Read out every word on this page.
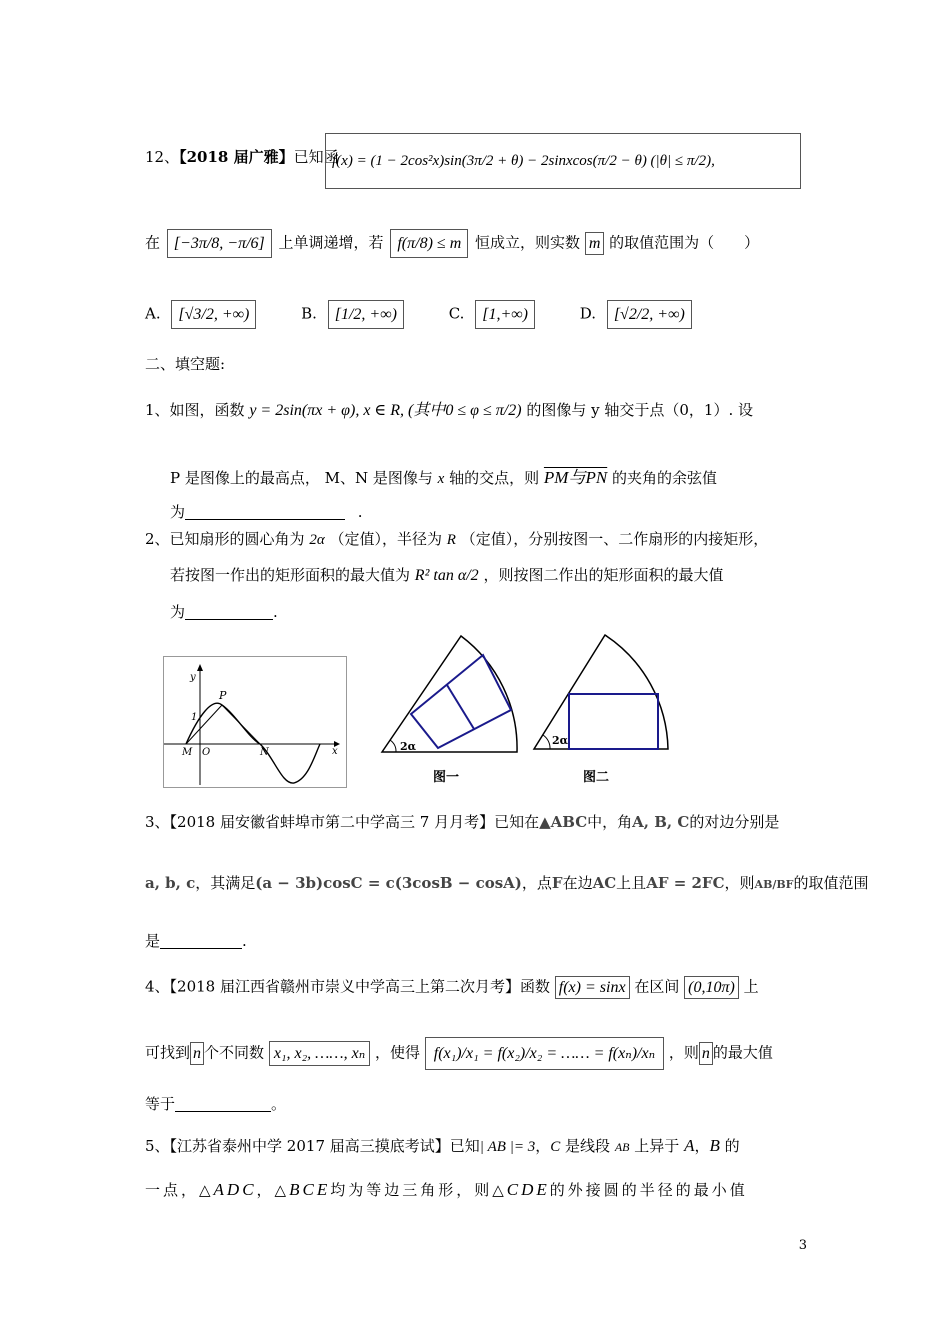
12、【2018 届广雅】已知函
f(x) = (1 − 2cos²x)sin(3π/2 + θ) − 2sinxcos(π/2 − θ) (|θ| ≤ π/2),
在 [−3π/8, −π/6] 上单调递增，若 f(π/8) ≤ m 恒成立，则实数 m 的取值范围为（　　）
A. [√3/2, +∞)	B. [1/2, +∞)	C. [1,+∞)	D. [√2/2, +∞)
二、填空题:
1、如图，函数 y = 2sin(πx + φ), x ∈ R, (其中0 ≤ φ ≤ π/2) 的图像与 y 轴交于点（0，1）. 设
P 是图像上的最高点， M、N 是图像与 x 轴的交点，则 PM与PN 的夹角的余弦值
为	.
2、已知扇形的圆心角为 2α （定值），半径为 R （定值），分别按图一、二作扇形的内接矩形，
若按图一作出的矩形面积的最大值为 R² tan α/2 ，则按图二作出的矩形面积的最大值
为	.
y
x
P
1
M O	N	2α
图一
2α
图二
3、【2018 届安徽省蚌埠市第二中学高三 7 月月考】已知在▲ABC中，角A, B, C的对边分别是
a, b, c，其满足(a − 3b)cosC = c(3cosB − cosA)，点F在边AC上且AF = 2FC，则AB/BF的取值范围
是	.
4、【2018 届江西省赣州市崇义中学高三上第二次月考】函数 f(x) = sinx 在区间 (0,10π) 上
可找到 n 个不同数 x₁, x₂, ……, xₙ ，使得 f(x₁)/x₁ = f(x₂)/x₂ = …… = f(xₙ)/xₙ ，则 n 的最大值
等于	。
5、【江苏省泰州中学 2017 届高三摸底考试】已知| AB |= 3，C 是线段 AB 上异于 A，B 的
一点，△ADC，△BCE均为等边三角形，则△CDE的外接圆的半径的最小值
3
